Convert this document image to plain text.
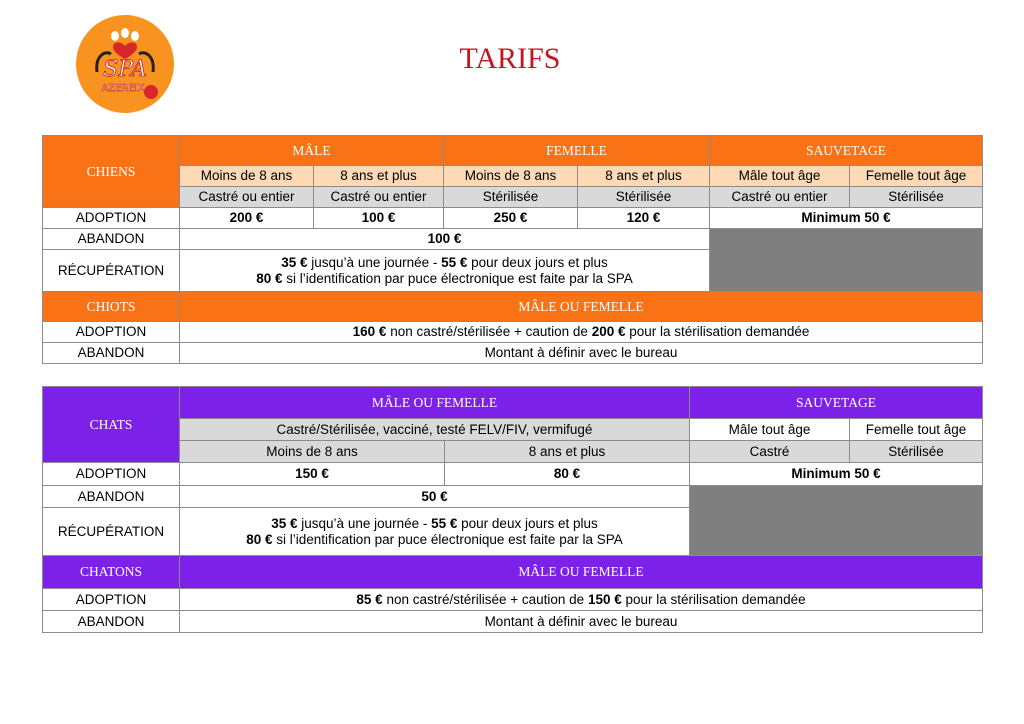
SPA
AZEREIX
TARIFS
CHIENS	MÂLE		FEMELLE		SAUVETAGE	
	Moins de 8 ans	8 ans et plus	Moins de 8 ans	8 ans et plus	Mâle tout âge	Femelle tout âge
	Castré ou entier	Castré ou entier	Stérilisée	Stérilisée	Castré ou entier	Stérilisée
ADOPTION	200 €	100 €	250 €	120 €	Minimum 50 €	
ABANDON	100 €					
RÉCUPÉRATION	35 € jusqu’à une journée - 55 € pour deux jours et plus
80 € si l’identification par puce électronique est faite par la SPA					
CHIOTS	MÂLE OU FEMELLE					
ADOPTION	160 € non castré/stérilisée + caution de 200 € pour la stérilisation demandée					
ABANDON	Montant à définir avec le bureau					
CHATS	MÂLE OU FEMELLE		SAUVETAGE	
	Castré/Stérilisée, vacciné, testé FELV/FIV, vermifugé		Mâle tout âge	Femelle tout âge
	Moins de 8 ans	8 ans et plus	Castré	Stérilisée
ADOPTION	150 €	80 €	Minimum 50 €	
ABANDON	50 €			
RÉCUPÉRATION	35 € jusqu’à une journée - 55 € pour deux jours et plus
80 € si l’identification par puce électronique est faite par la SPA			
CHATONS	MÂLE OU FEMELLE			
ADOPTION	85 € non castré/stérilisée + caution de 150 € pour la stérilisation demandée			
ABANDON	Montant à définir avec le bureau			
